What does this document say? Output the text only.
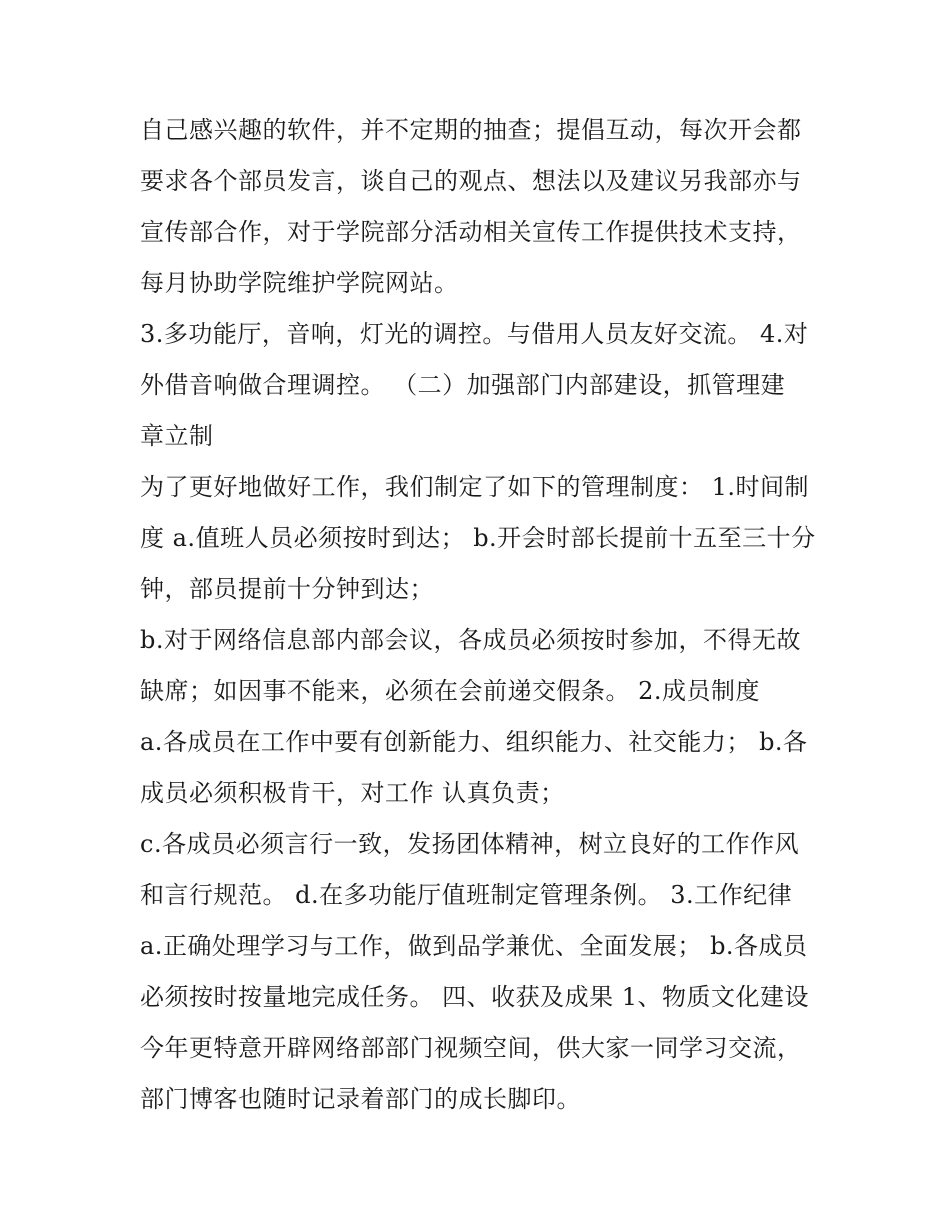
自己感兴趣的软件，并不定期的抽查；提倡互动，每次开会都
要求各个部员发言，谈自己的观点、想法以及建议另我部亦与
宣传部合作，对于学院部分活动相关宣传工作提供技术支持，
每月协助学院维护学院网站。
3.多功能厅，音响，灯光的调控。与借用人员友好交流。 4.对
外借音响做合理调控。 （二）加强部门内部建设，抓管理建
章立制
为了更好地做好工作，我们制定了如下的管理制度： 1.时间制
度 a.值班人员必须按时到达； b.开会时部长提前十五至三十分
钟，部员提前十分钟到达；
b.对于网络信息部内部会议，各成员必须按时参加，不得无故
缺席；如因事不能来，必须在会前递交假条。 2.成员制度
a.各成员在工作中要有创新能力、组织能力、社交能力； b.各
成员必须积极肯干，对工作 认真负责；
c.各成员必须言行一致，发扬团体精神，树立良好的工作作风
和言行规范。 d.在多功能厅值班制定管理条例。 3.工作纪律
a.正确处理学习与工作，做到品学兼优、全面发展； b.各成员
必须按时按量地完成任务。 四、收获及成果 1、物质文化建设
今年更特意开辟网络部部门视频空间，供大家一同学习交流，
部门博客也随时记录着部门的成长脚印。
